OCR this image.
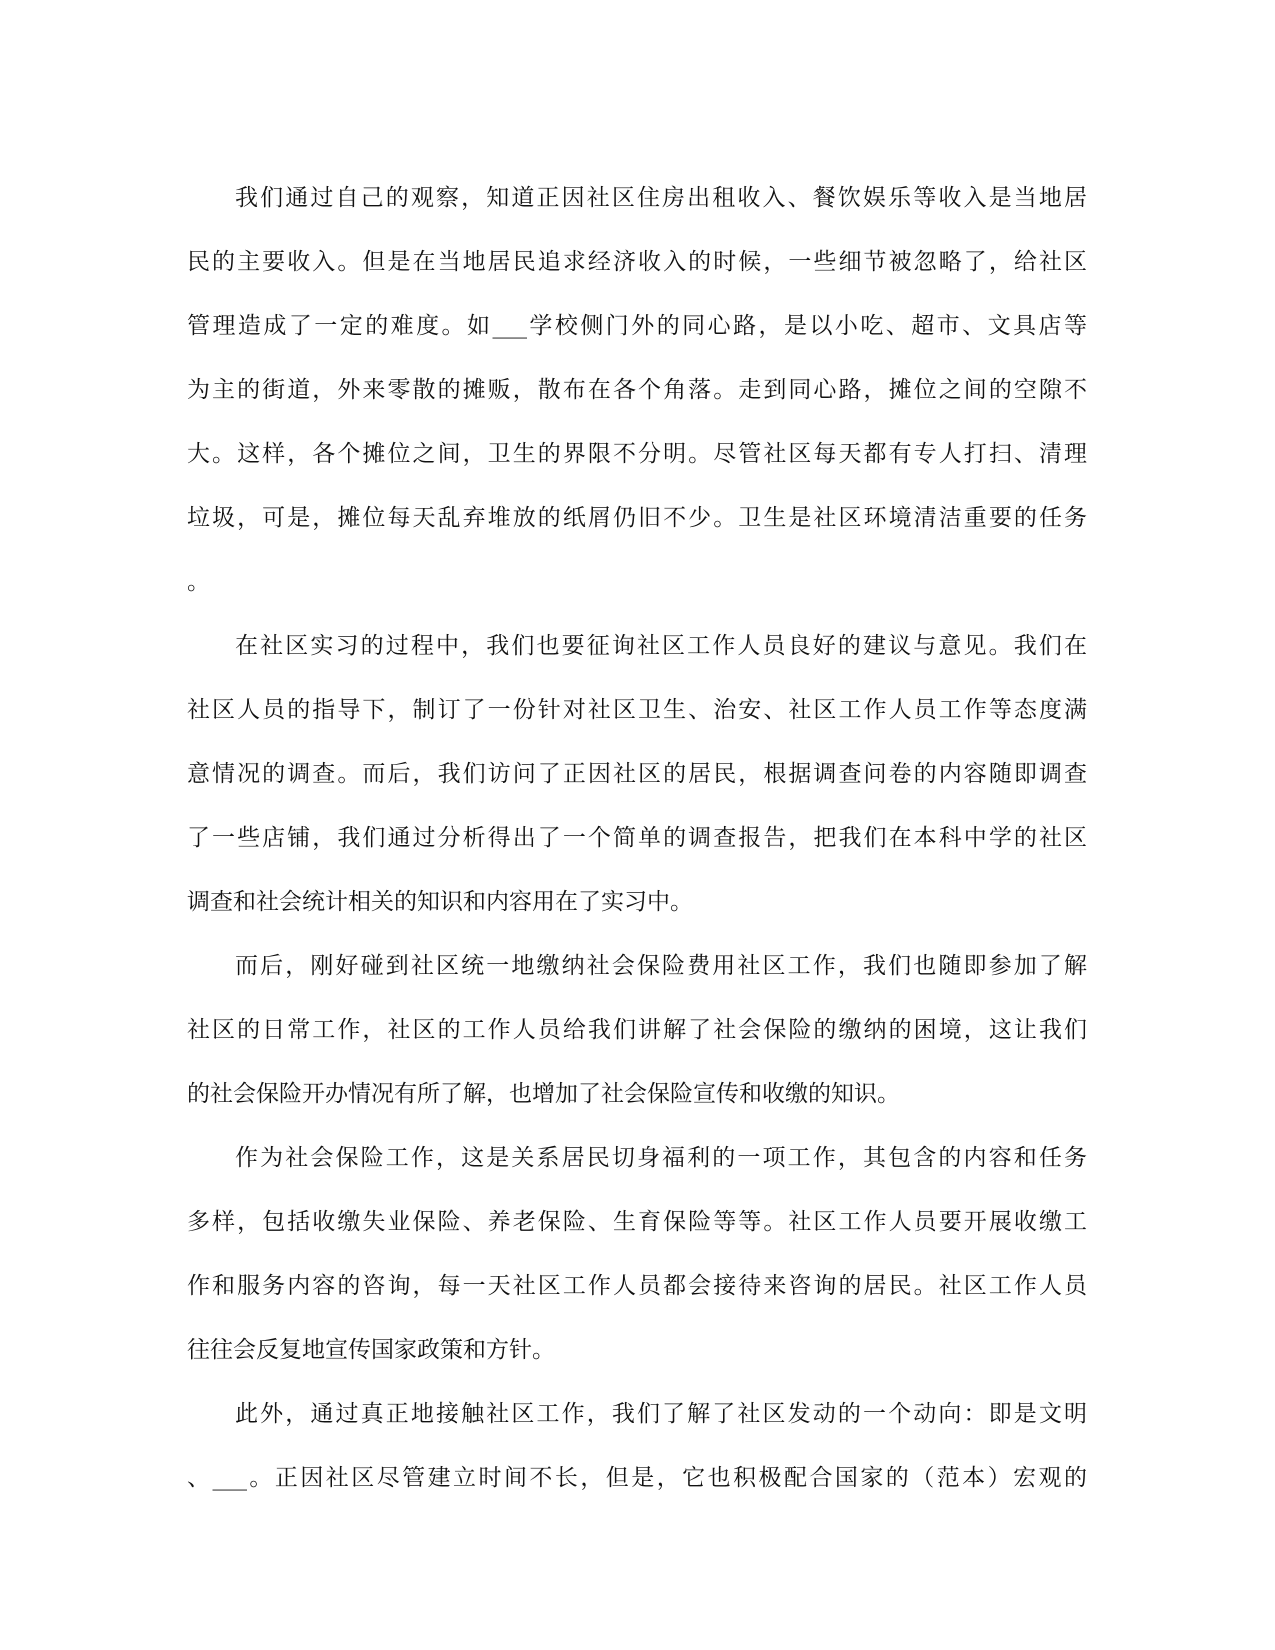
我们通过自己的观察，知道正因社区住房出租收入、餐饮娱乐等收入是当地居
民的主要收入。但是在当地居民追求经济收入的时候，一些细节被忽略了，给社区
管理造成了一定的难度。如___学校侧门外的同心路，是以小吃、超市、文具店等
为主的街道，外来零散的摊贩，散布在各个角落。走到同心路，摊位之间的空隙不
大。这样，各个摊位之间，卫生的界限不分明。尽管社区每天都有专人打扫、清理
垃圾，可是，摊位每天乱弃堆放的纸屑仍旧不少。卫生是社区环境清洁重要的任务
。
在社区实习的过程中，我们也要征询社区工作人员良好的建议与意见。我们在
社区人员的指导下，制订了一份针对社区卫生、治安、社区工作人员工作等态度满
意情况的调查。而后，我们访问了正因社区的居民，根据调查问卷的内容随即调查
了一些店铺，我们通过分析得出了一个简单的调查报告，把我们在本科中学的社区
调查和社会统计相关的知识和内容用在了实习中。
而后，刚好碰到社区统一地缴纳社会保险费用社区工作，我们也随即参加了解
社区的日常工作，社区的工作人员给我们讲解了社会保险的缴纳的困境，这让我们
的社会保险开办情况有所了解，也增加了社会保险宣传和收缴的知识。
作为社会保险工作，这是关系居民切身福利的一项工作，其包含的内容和任务
多样，包括收缴失业保险、养老保险、生育保险等等。社区工作人员要开展收缴工
作和服务内容的咨询，每一天社区工作人员都会接待来咨询的居民。社区工作人员
往往会反复地宣传国家政策和方针。
此外，通过真正地接触社区工作，我们了解了社区发动的一个动向：即是文明
、___。正因社区尽管建立时间不长，但是，它也积极配合国家的（范本）宏观的
